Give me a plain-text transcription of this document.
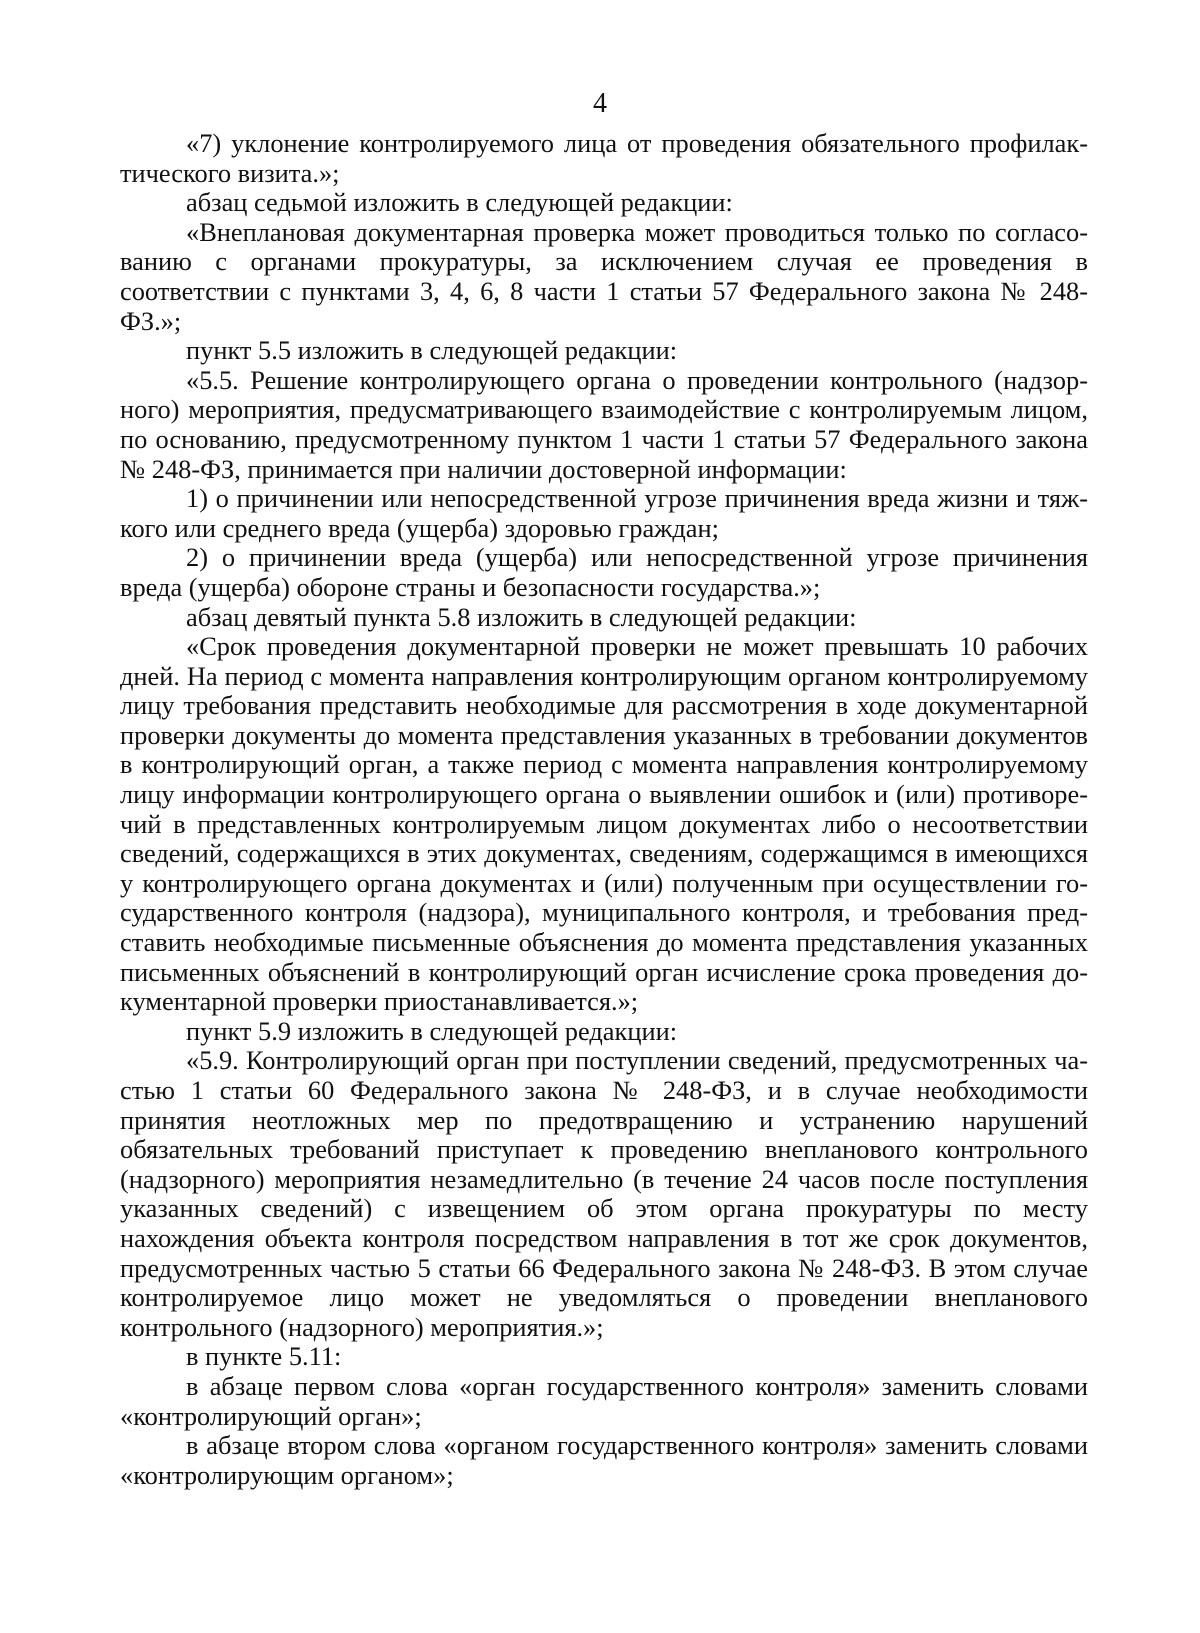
4

«7) уклонение контролируемого лица от проведения обязательного профилактического визита.»;

абзац седьмой изложить в следующей редакции:

«Внеплановая документарная проверка может проводиться только по согласованию с органами прокуратуры, за исключением случая ее проведения в соответствии с пунктами 3, 4, 6, 8 части 1 статьи 57 Федерального закона № 248-ФЗ.»;

пункт 5.5 изложить в следующей редакции:

«5.5. Решение контролирующего органа о проведении контрольного (надзорного) мероприятия, предусматривающего взаимодействие с контролируемым лицом, по основанию, предусмотренному пунктом 1 части 1 статьи 57 Федерального закона № 248-ФЗ, принимается при наличии достоверной информации:

1) о причинении или непосредственной угрозе причинения вреда жизни и тяжкого или среднего вреда (ущерба) здоровью граждан;

2) о причинении вреда (ущерба) или непосредственной угрозе причинения вреда (ущерба) обороне страны и безопасности государства.»;

абзац девятый пункта 5.8 изложить в следующей редакции:

«Срок проведения документарной проверки не может превышать 10 рабочих дней. На период с момента направления контролирующим органом контролируемому лицу требования представить необходимые для рассмотрения в ходе документарной проверки документы до момента представления указанных в требовании документов в контролирующий орган, а также период с момента направления контролируемому лицу информации контролирующего органа о выявлении ошибок и (или) противоречий в представленных контролируемым лицом документах либо о несоответствии сведений, содержащихся в этих документах, сведениям, содержащимся в имеющихся у контролирующего органа документах и (или) полученным при осуществлении государственного контроля (надзора), муниципального контроля, и требования представить необходимые письменные объяснения до момента представления указанных письменных объяснений в контролирующий орган исчисление срока проведения документарной проверки приостанавливается.»;

пункт 5.9 изложить в следующей редакции:

«5.9. Контролирующий орган при поступлении сведений, предусмотренных частью 1 статьи 60 Федерального закона № 248-ФЗ, и в случае необходимости принятия неотложных мер по предотвращению и устранению нарушений обязательных требований приступает к проведению внепланового контрольного (надзорного) мероприятия незамедлительно (в течение 24 часов после поступления указанных сведений) с извещением об этом органа прокуратуры по месту нахождения объекта контроля посредством направления в тот же срок документов, предусмотренных частью 5 статьи 66 Федерального закона № 248-ФЗ. В этом случае контролируемое лицо может не уведомляться о проведении внепланового контрольного (надзорного) мероприятия.»;

в пункте 5.11:

в абзаце первом слова «орган государственного контроля» заменить словами «контролирующий орган»;

в абзаце втором слова «органом государственного контроля» заменить словами «контролирующим органом»;
